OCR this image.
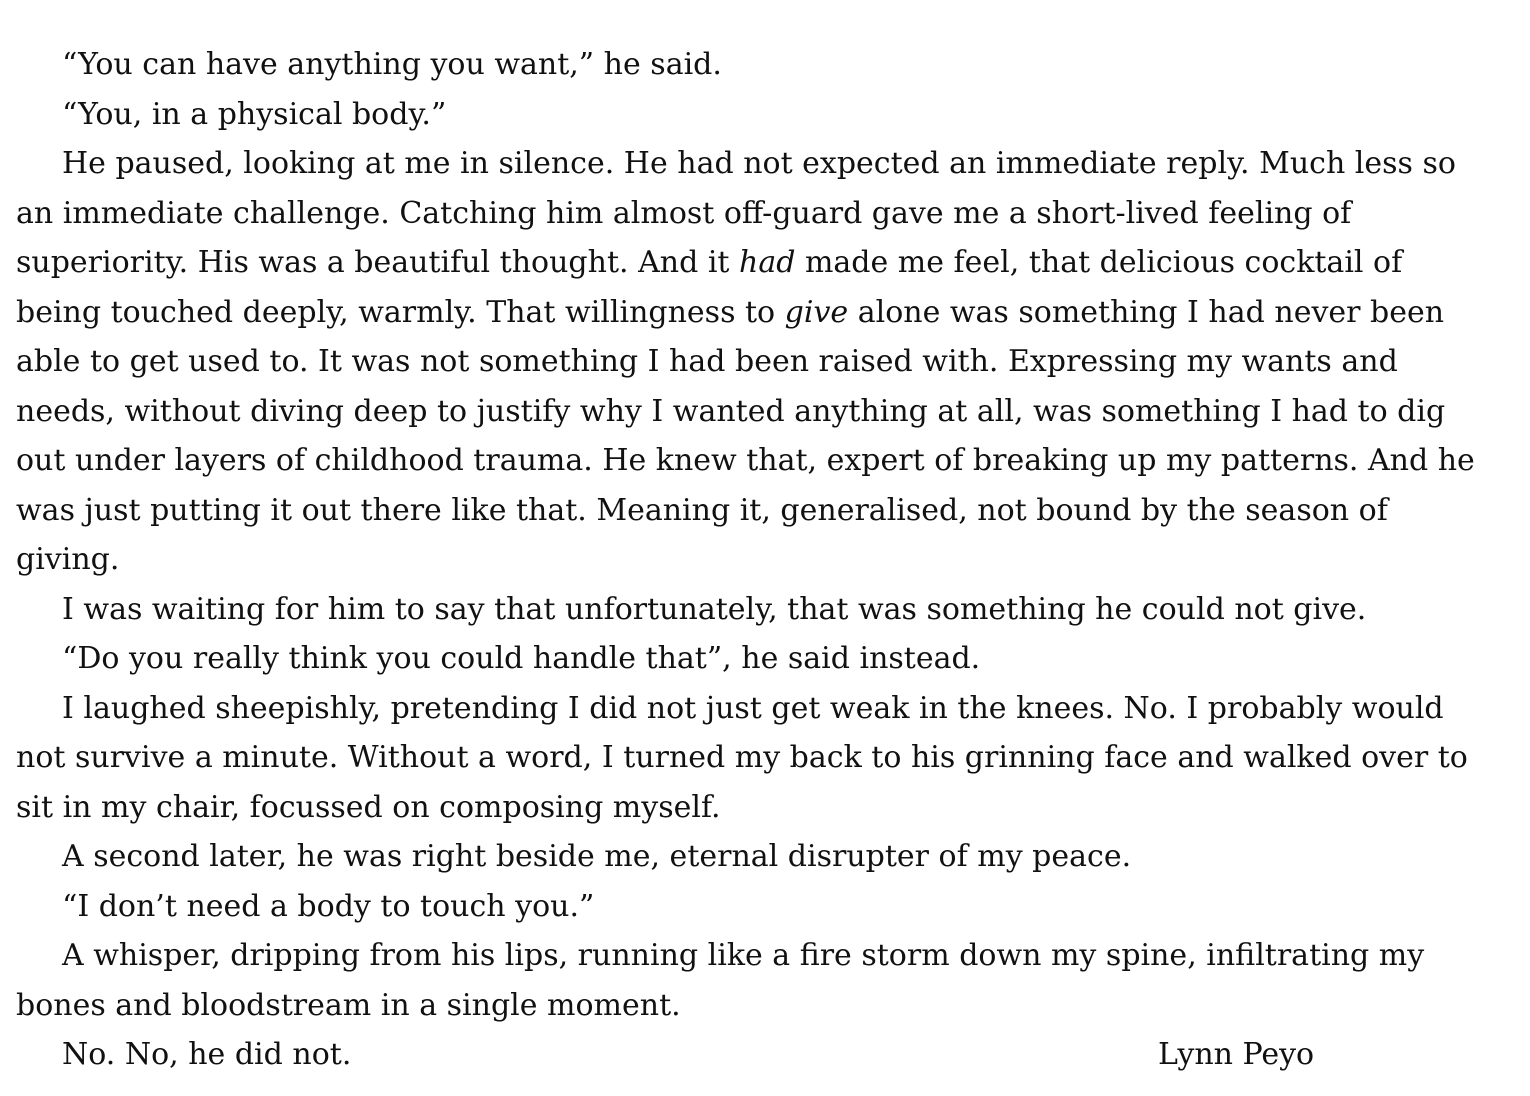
“You can have anything you want,” he said.

“You, in a physical body.”

He paused, looking at me in silence. He had not expected an immediate reply. Much less so an immediate challenge. Catching him almost off-guard gave me a short-lived feeling of superiority. His was a beautiful thought. And it had made me feel, that delicious cocktail of being touched deeply, warmly. That willingness to give alone was something I had never been able to get used to. It was not something I had been raised with. Expressing my wants and needs, without diving deep to justify why I wanted anything at all, was something I had to dig out under layers of childhood trauma. He knew that, expert of breaking up my patterns. And he was just putting it out there like that. Meaning it, generalised, not bound by the season of giving.

I was waiting for him to say that unfortunately, that was something he could not give.

“Do you really think you could handle that”, he said instead.

I laughed sheepishly, pretending I did not just get weak in the knees. No. I probably would not survive a minute. Without a word, I turned my back to his grinning face and walked over to sit in my chair, focussed on composing myself.

A second later, he was right beside me, eternal disrupter of my peace.

“I don’t need a body to touch you.”

A whisper, dripping from his lips, running like a fire storm down my spine, infiltrating my bones and bloodstream in a single moment.

No. No, he did not.	Lynn Peyo
